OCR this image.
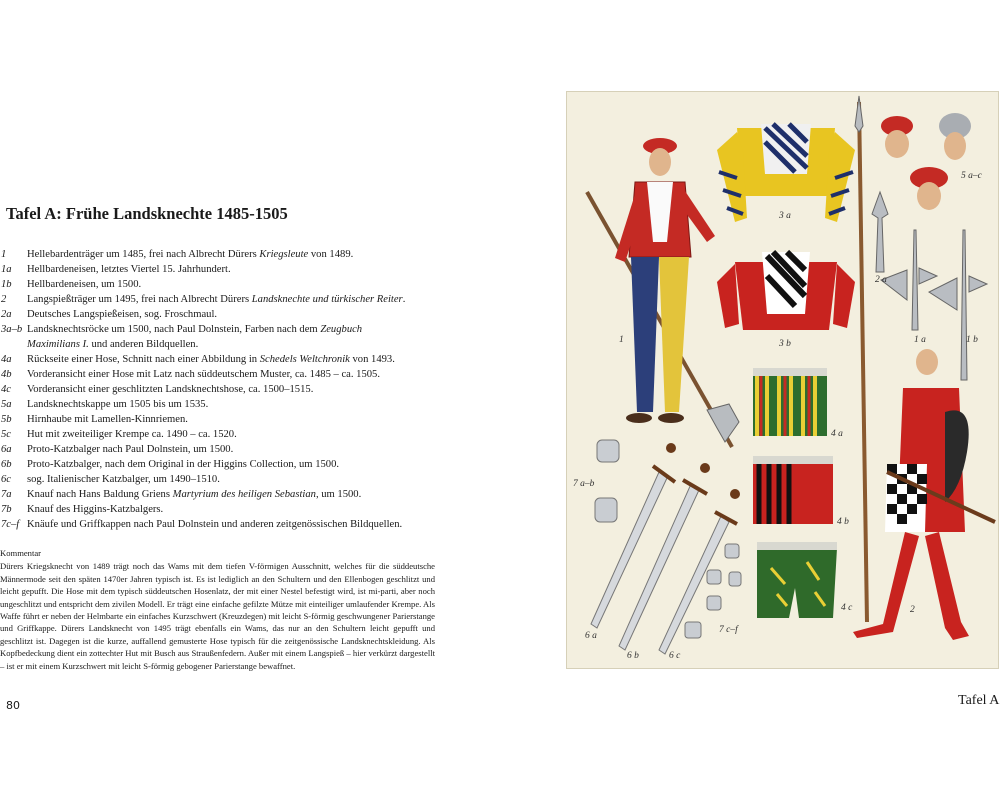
Tafel A: Frühe Landsknechte 1485-1505
1	Hellebardenträger um 1485, frei nach Albrecht Dürers Kriegsleute von 1489.
1a	Hellbardeneisen, letztes Viertel 15. Jahrhundert.
1b	Hellbardeneisen, um 1500.
2	Langspießträger um 1495, frei nach Albrecht Dürers Landsknechte und türkischer Reiter.
2a	Deutsches Langspießeisen, sog. Froschmaul.
3a–b Landsknechtsröcke um 1500, nach Paul Dolnstein, Farben nach dem Zeugbuch Maximilians I. und anderen Bildquellen.
4a	Rückseite einer Hose, Schnitt nach einer Abbildung in Schedels Weltchronik von 1493.
4b	Vorderansicht einer Hose mit Latz nach süddeutschem Muster, ca. 1485 – ca. 1505.
4c	Vorderansicht einer geschlitzten Landsknechtshose, ca. 1500–1515.
5a	Landsknechtskappe um 1505 bis um 1535.
5b	Hirnhaube mit Lamellen-Kinnriemen.
5c	Hut mit zweiteiliger Krempe ca. 1490 – ca. 1520.
6a	Proto-Katzbalger nach Paul Dolnstein, um 1500.
6b	Proto-Katzbalger, nach dem Original in der Higgins Collection, um 1500.
6c	sog. Italienischer Katzbalger, um 1490–1510.
7a	Knauf nach Hans Baldung Griens Martyrium des heiligen Sebastian, um 1500.
7b	Knauf des Higgins-Katzbalgers.
7c–f Knäufe und Griffkappen nach Paul Dolnstein und anderen zeitgenössischen Bildquellen.
Kommentar
Dürers Kriegsknecht von 1489 trägt noch das Wams mit dem tiefen V-förmigen Ausschnitt, welches für die süddeutsche Männermode seit den späten 1470er Jahren typisch ist. Es ist lediglich an den Schultern und den Ellenbogen geschlitzt und leicht gepufft. Die Hose mit dem typisch süddeutschen Hosenlatz, der mit einer Nestel befestigt wird, ist mi-parti, aber noch ungeschlitzt und entspricht dem zivilen Modell. Er trägt eine einfache gefilzte Mütze mit einteiliger umlaufender Krempe. Als Waffe führt er neben der Helmbarte ein einfaches Kurzschwert (Kreuzdegen) mit leicht S-förmig geschwungener Parierstange und Griffkappe. Dürers Landsknecht von 1495 trägt ebenfalls ein Wams, das nur an den Schultern leicht gepufft und geschlitzt ist. Dagegen ist die kurze, auffallend gemusterte Hose typisch für die zeitgenössische Landsknechtskleidung. Als Kopfbedeckung dient ein zottechter Hut mit Busch aus Straußenfedern. Außer mit einem Langspieß – hier verkürzt dargestellt – ist er mit einem Kurzschwert mit leicht S-förmig gebogener Parierstange bewaffnet.
80	Tafel A
1	1 a	1 b
2
2 a
3 a
3 b
4 a
4 b
4 c
5 a–c
6 a
6 b	6 c
7 a–b
7 c–f
